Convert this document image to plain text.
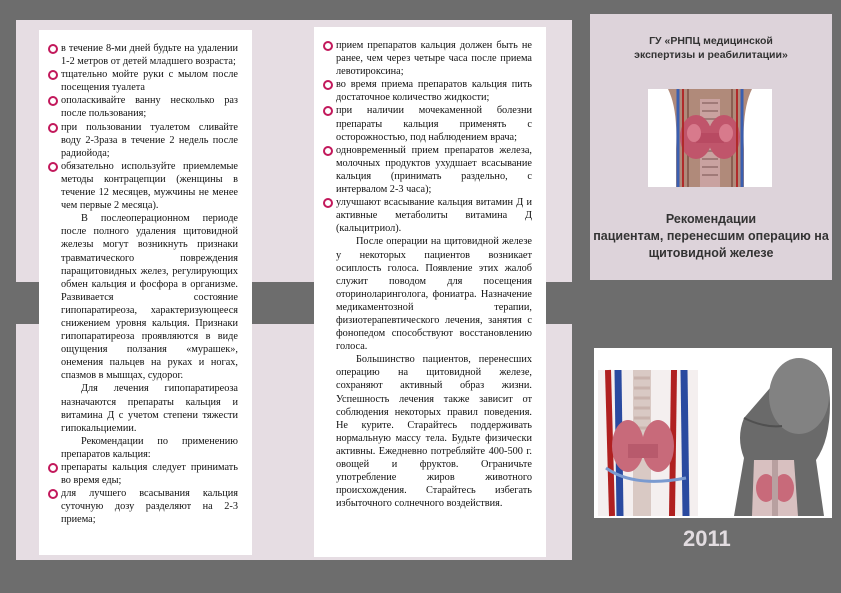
в течение 8-ми дней будьте на удалении 1-2 метров от детей младшего возраста;

тщательно мойте руки с мылом после посещения туалета

ополаскивайте ванну несколько раз после пользования;

при пользовании туалетом сливайте воду 2-3раза в течение 2 недель после радиойода;

обязательно используйте приемлемые методы контрацепции (женщины в течение 12 месяцев, мужчины не менее чем первые 2 месяца).

В послеоперационном периоде после полного удаления щитовидной железы могут возникнуть признаки травматического повреждения паращитовидных желез, регулирующих обмен кальция и фосфора в организме. Развивается состояние гипопаратиреоза, характеризующееся снижением уровня кальция. Признаки гипопаратиреоза проявляются в виде ощущения ползания «мурашек», онемения пальцев на руках и ногах, спазмов в мышцах, судорог.

Для лечения гипопаратиреоза назначаются препараты кальция и витамина Д с учетом степени тяжести гипокальциемии.

Рекомендации по применению препаратов кальция:

препараты кальция следует принимать во время еды;

для лучшего всасывания кальция суточную дозу разделяют на 2-3 приема;

прием препаратов кальция должен быть не ранее, чем через четыре часа после приема левотироксина;

во время приема препаратов кальция пить достаточное количество жидкости;

при наличии мочекаменной болезни препараты кальция применять с осторожностью, под наблюдением врача;

одновременный прием препаратов железа, молочных продуктов ухудшает всасывание кальция (принимать раздельно, с интервалом 2-3 часа);

улучшают всасывание кальция витамин Д и активные метаболиты витамина Д (кальцитриол).

После операции на щитовидной железе у некоторых пациентов возникает осиплость голоса. Появление этих жалоб служит поводом для посещения оториноларинголога, фониатра. Назначение медикаментозной терапии, физиотерапевтического лечения, занятия с фонопедом способствуют восстановлению голоса.

Большинство пациентов, перенесших операцию на щитовидной железе, сохраняют активный образ жизни. Успешность лечения также зависит от соблюдения некоторых правил поведения. Не курите. Старайтесь поддерживать нормальную массу тела. Будьте физически активны. Ежедневно потребляйте 400-500 г. овощей и фруктов. Ограничьте употребление жиров животного происхождения. Старайтесь избегать избыточного солнечного воздействия.

ГУ «РНПЦ медицинской
экспертизы и реабилитации»
Рекомендации
пациентам, перенесшим операцию на
щитовидной железе
2011
